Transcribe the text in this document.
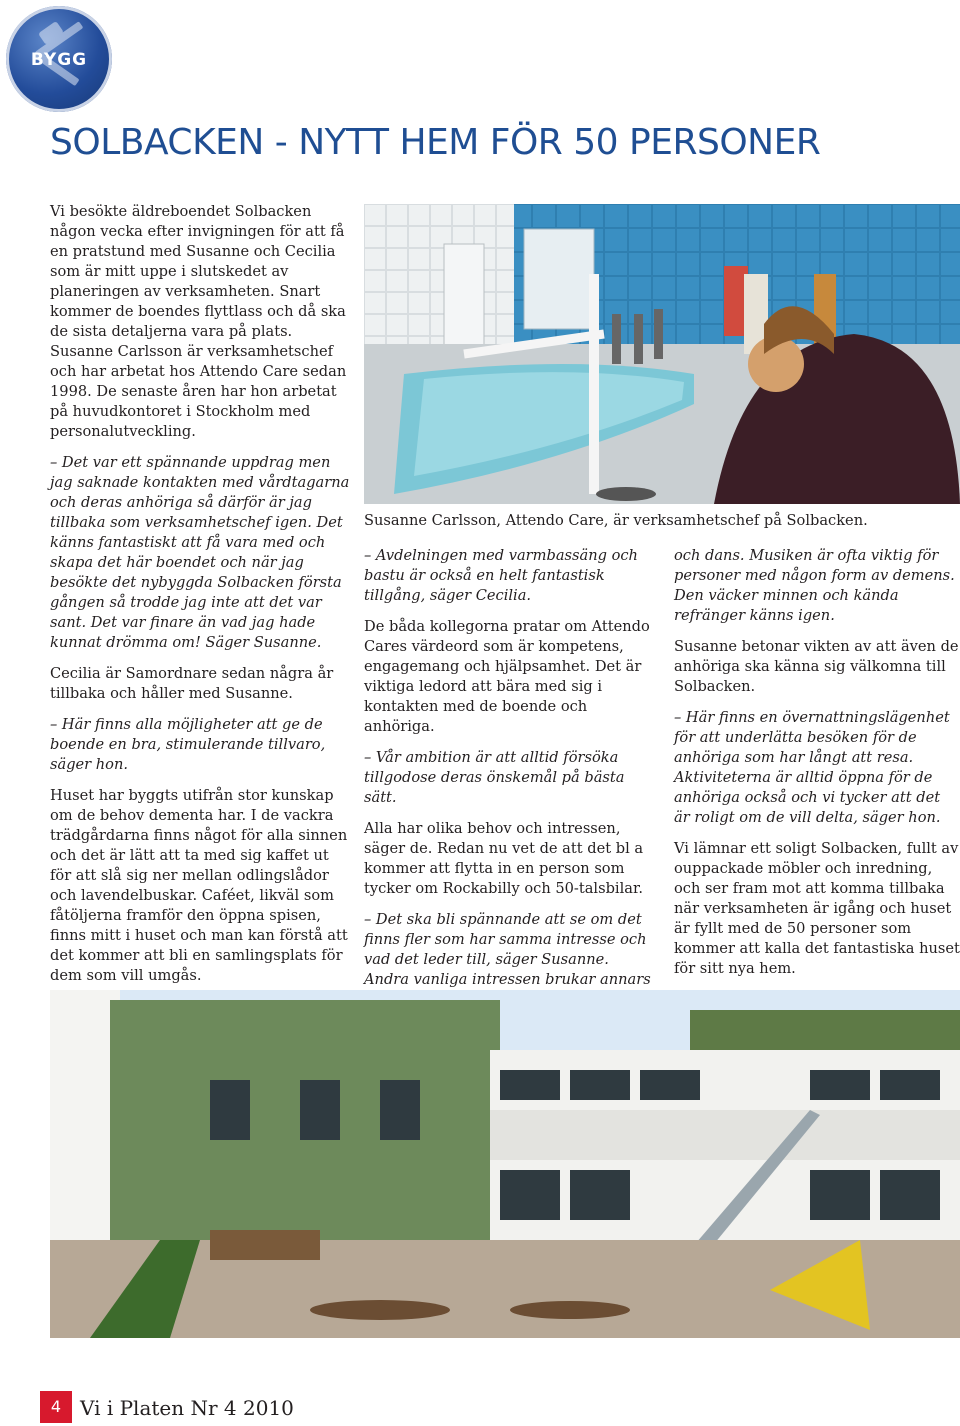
BYGG
SOLBACKEN - NYTT HEM FÖR 50 PERSONER

Vi besökte äldreboendet Solbacken någon vecka efter invigningen för att få en pratstund med Susanne och Cecilia som är mitt uppe i slutskedet av planeringen av verksamheten. Snart kommer de boendes flyttlass och då ska de sista detaljerna vara på plats. Susanne Carlsson är verksamhetschef och har arbetat hos Attendo Care sedan 1998. De senaste åren har hon arbetat på huvudkontoret i Stockholm med personalutveckling.

– Det var ett spännande uppdrag men jag saknade kontakten med vårdtagarna och deras anhöriga så därför är jag tillbaka som verksamhetschef igen. Det känns fantastiskt att få vara med och skapa det här boendet och när jag besökte det nybyggda Solbacken första gången så trodde jag inte att det var sant. Det var finare än vad jag hade kunnat drömma om! Säger Susanne.

Cecilia är Samordnare sedan några år tillbaka och håller med Susanne.

– Här finns alla möjligheter att ge de boende en bra, stimulerande tillvaro, säger hon.

Huset har byggts utifrån stor kunskap om de behov dementa har. I de vackra trädgårdarna finns något för alla sinnen och det är lätt att ta med sig kaffet ut för att slå sig ner mellan odlingslådor och lavendelbuskar. Caféet, likväl som fåtöljerna framför den öppna spisen, finns mitt i huset och man kan förstå att det kommer att bli en samlingsplats för dem som vill umgås.

Susanne Carlsson, Attendo Care, är verksamhetschef på Solbacken.

– Avdelningen med varmbassäng och bastu är också en helt fantastisk tillgång, säger Cecilia.

De båda kollegorna pratar om Attendo Cares värdeord som är kompetens, engagemang och hjälpsamhet. Det är viktiga ledord att bära med sig i kontakten med de boende och anhöriga.

– Vår ambition är att alltid försöka tillgodose deras önskemål på bästa sätt.

Alla har olika behov och intressen, säger de. Redan nu vet de att det bl a kommer att flytta in en person som tycker om Rockabilly och 50-talsbilar.

– Det ska bli spännande att se om det finns fler som har samma intresse och vad det leder till, säger Susanne. Andra vanliga intressen brukar annars

och dans. Musiken är ofta viktig för personer med någon form av demens. Den väcker minnen och kända refränger känns igen.

Susanne betonar vikten av att även de anhöriga ska känna sig välkomna till Solbacken.

– Här finns en övernattningslägenhet för att underlätta besöken för de anhöriga som har långt att resa. Aktiviteterna är alltid öppna för de anhöriga också och vi tycker att det är roligt om de vill delta, säger hon.

Vi lämnar ett soligt Solbacken, fullt av ouppackade möbler och inredning, och ser fram mot att komma tillbaka när verksamheten är igång och huset är fyllt med de 50 personer som kommer att kalla det fantastiska huset för sitt nya hem.

4 Vi i Platen Nr 4 2010
